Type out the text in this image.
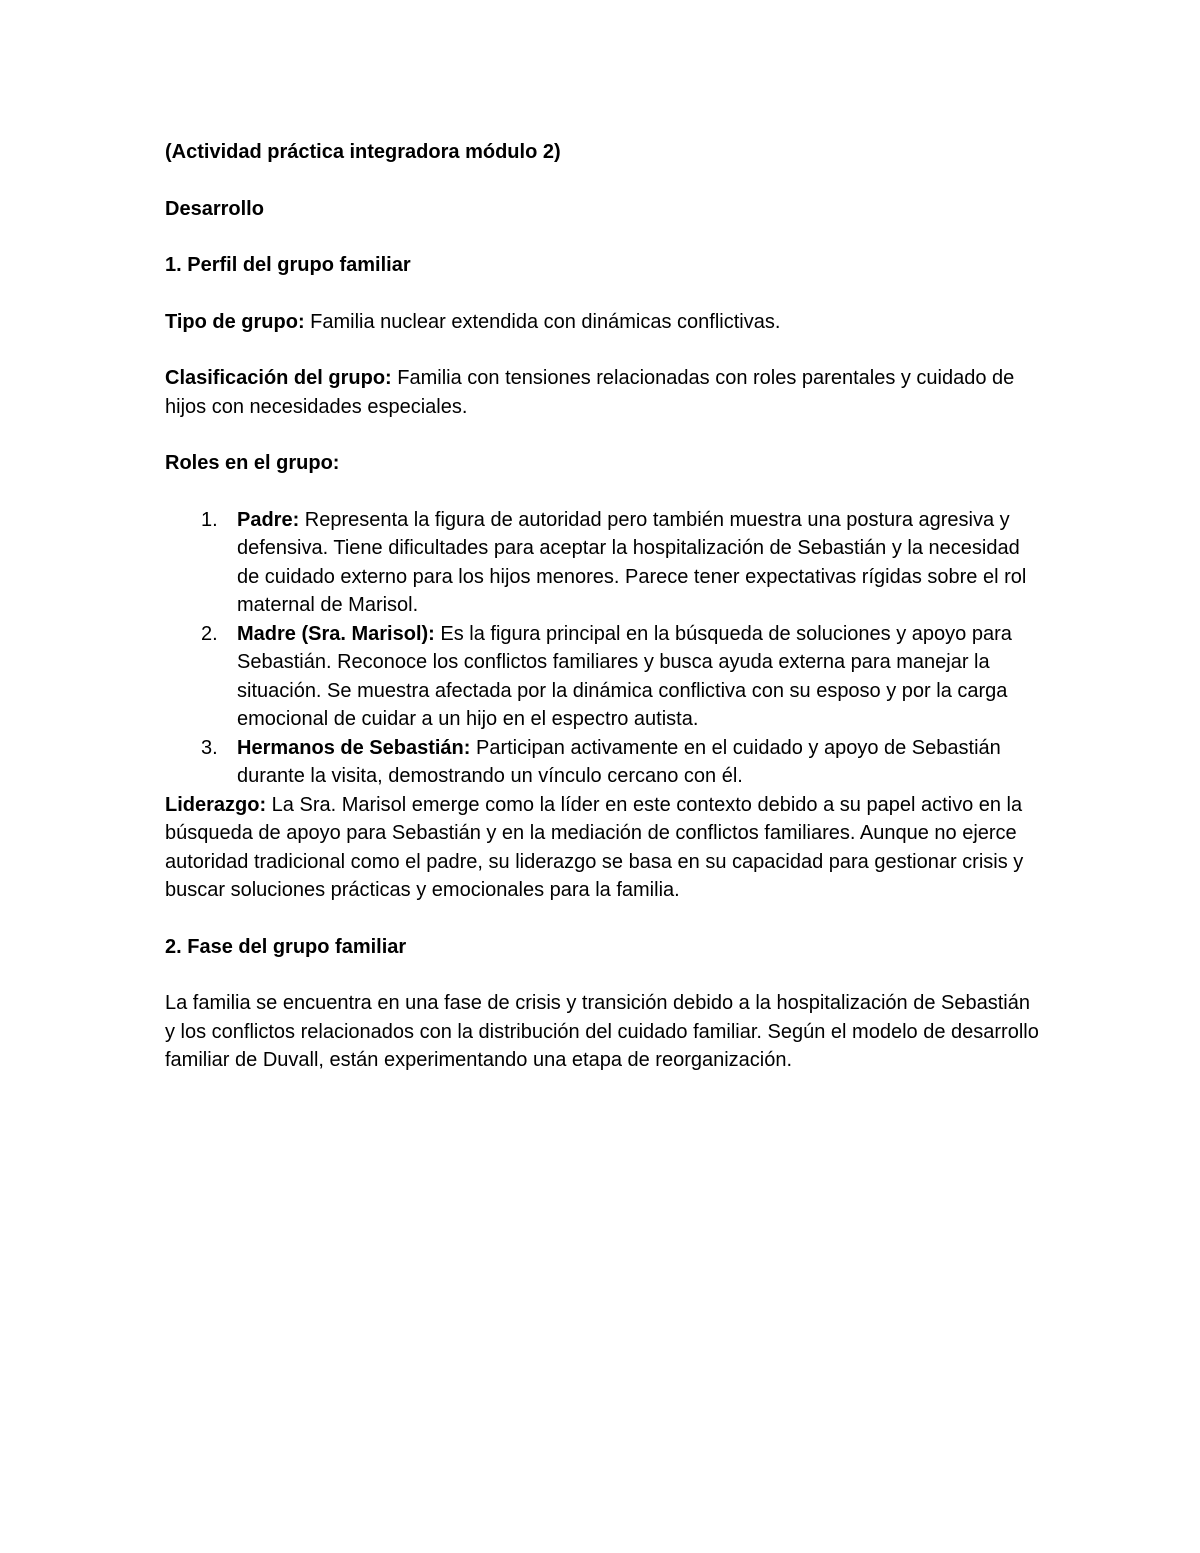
(Actividad práctica integradora módulo 2)

Desarrollo

1. Perfil del grupo familiar

Tipo de grupo: Familia nuclear extendida con dinámicas conflictivas.

Clasificación del grupo: Familia con tensiones relacionadas con roles parentales y cuidado de hijos con necesidades especiales.

Roles en el grupo:

1. Padre: Representa la figura de autoridad pero también muestra una postura agresiva y defensiva. Tiene dificultades para aceptar la hospitalización de Sebastián y la necesidad de cuidado externo para los hijos menores. Parece tener expectativas rígidas sobre el rol maternal de Marisol.
2. Madre (Sra. Marisol): Es la figura principal en la búsqueda de soluciones y apoyo para Sebastián. Reconoce los conflictos familiares y busca ayuda externa para manejar la situación. Se muestra afectada por la dinámica conflictiva con su esposo y por la carga emocional de cuidar a un hijo en el espectro autista.
3. Hermanos de Sebastián: Participan activamente en el cuidado y apoyo de Sebastián durante la visita, demostrando un vínculo cercano con él.

Liderazgo: La Sra. Marisol emerge como la líder en este contexto debido a su papel activo en la búsqueda de apoyo para Sebastián y en la mediación de conflictos familiares. Aunque no ejerce autoridad tradicional como el padre, su liderazgo se basa en su capacidad para gestionar crisis y buscar soluciones prácticas y emocionales para la familia.

2. Fase del grupo familiar

La familia se encuentra en una fase de crisis y transición debido a la hospitalización de Sebastián y los conflictos relacionados con la distribución del cuidado familiar. Según el modelo de desarrollo familiar de Duvall, están experimentando una etapa de reorganización.
